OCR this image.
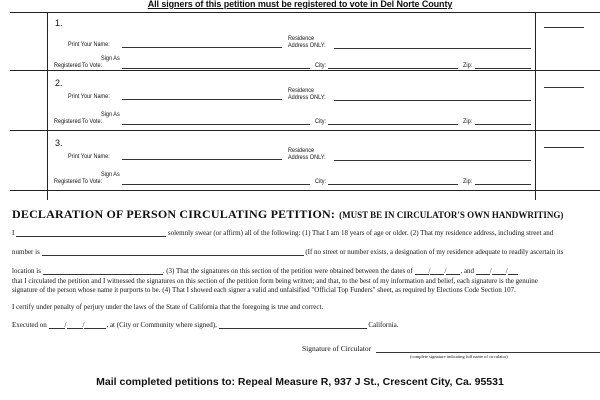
All signers of this petition must be registered to vote in Del Norte County
1.
Print Your Name:
Residence
Address ONLY:
Sign As
Registered To Vote:	City:	Zip:
2.
Print Your Name:
Residence
Address ONLY:
Sign As
Registered To Vote:	City:	Zip:
3.
Print Your Name:
Residence
Address ONLY:
Sign As
Registered To Vote:	City:	Zip:
DECLARATION OF PERSON CIRCULATING PETITION: (MUST BE IN CIRCULATOR'S OWN HANDWRITING)
I	solemnly swear (or affirm) all of the following: (1) That I am 18 years of age or older. (2) That my residence address, including street and
number is	(If no street or number exists, a designation of my residence adequate to readily ascertain its
location is	. (3) That the signatures on this section of the petition were obtained between the dates of / / , and / /
that I circulated the petition and I witnessed the signatures on this section of the petition form being written; and that, to the best of my information and belief, each signature is the genuine
signature of the person whose name it purports to be. (4) That I showed each signer a valid and unfalsified "Official Top Funders" sheet, as required by Elections Code Section 107.
I certify under penalty of perjury under the laws of the State of California that the foregoing is true and correct.
Executed on	/ /	, at (City or Community where signed),	California.
Signature of Circulator
(complete signature indicating full name of circulator)
Mail completed petitions to: Repeal Measure R, 937 J St., Crescent City, Ca. 95531
